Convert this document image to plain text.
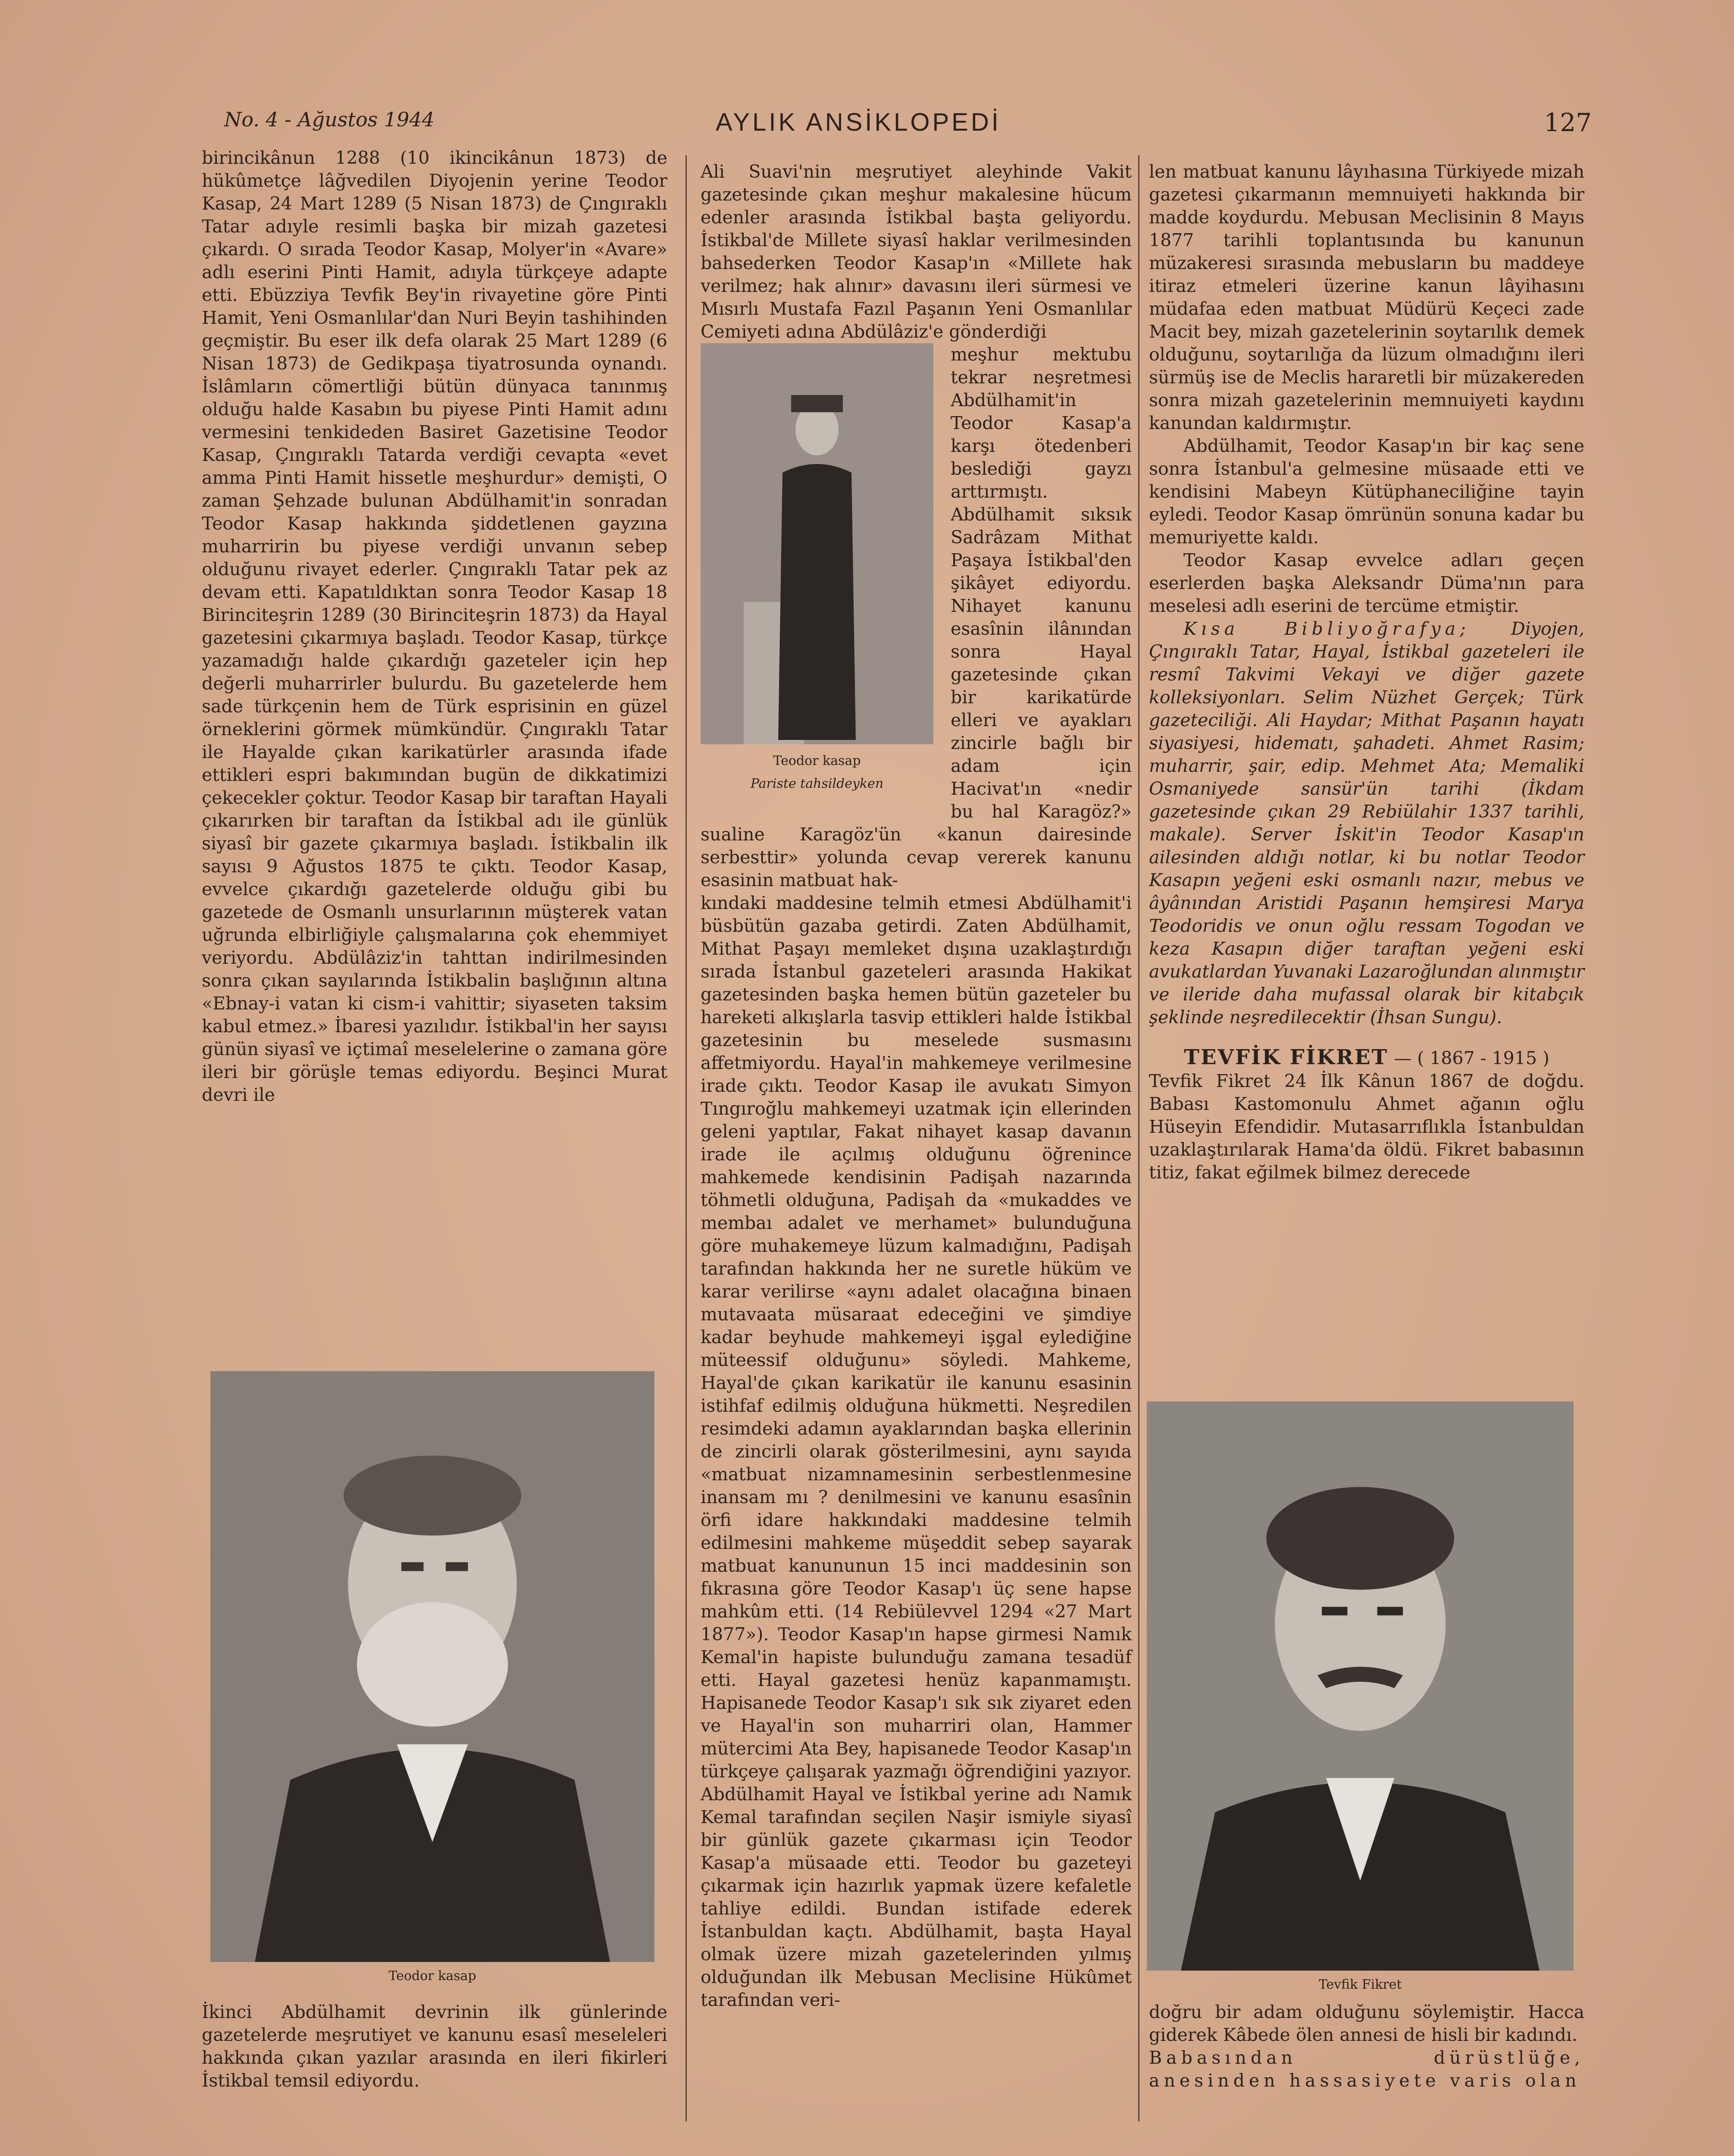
No. 4 - Ağustos 1944	AYLIK ANSİKLOPEDİ	127

birincikânun 1288 (10 ikincikânun 1873) de hükûmetçe lâğvedilen Diyojenin yerine Teodor Kasap, 24 Mart 1289 (5 Nisan 1873) de Çıngıraklı Tatar adıyle resimli başka bir mizah gazetesi çıkardı. O sırada Teodor Kasap, Molyer'in «Avare» adlı eserini Pinti Hamit, adıyla türkçeye adapte etti. Ebüzziya Tevfik Bey'in rivayetine göre Pinti Hamit, Yeni Osmanlılar'dan Nuri Beyin tashihinden geçmiştir. Bu eser ilk defa olarak 25 Mart 1289 (6 Nisan 1873) de Gedikpaşa tiyatrosunda oynandı. İslâmların cömertliği bütün dünyaca tanınmış olduğu halde Kasabın bu piyese Pinti Hamit adını vermesini tenkideden Basiret Gazetisine Teodor Kasap, Çıngıraklı Tatarda verdiği cevapta «evet amma Pinti Hamit hissetle meşhurdur» demişti, O zaman Şehzade bulunan Abdülhamit'in sonradan Teodor Kasap hakkında şiddetlenen gayzına muharririn bu piyese verdiği unvanın sebep olduğunu rivayet ederler. Çıngıraklı Tatar pek az devam etti. Kapatıldıktan sonra Teodor Kasap 18 Birinciteşrin 1289 (30 Birinciteşrin 1873) da Hayal gazetesini çıkarmıya başladı. Teodor Kasap, türkçe yazamadığı halde çıkardığı gazeteler için hep değerli muharrirler bulurdu. Bu gazetelerde hem sade türkçenin hem de Türk esprisinin en güzel örneklerini görmek mümkündür. Çıngıraklı Tatar ile Hayalde çıkan karikatürler arasında ifade ettikleri espri bakımından bugün de dikkatimizi çekecekler çoktur. Teodor Kasap bir taraftan Hayali çıkarırken bir taraftan da İstikbal adı ile günlük siyasî bir gazete çıkarmıya başladı. İstikbalin ilk sayısı 9 Ağustos 1875 te çıktı. Teodor Kasap, evvelce çıkardığı gazetelerde olduğu gibi bu gazetede de Osmanlı unsurlarının müşterek vatan uğrunda elbirliğiyle çalışmalarına çok ehemmiyet veriyordu. Abdülâziz'in tahttan indirilmesinden sonra çıkan sayılarında İstikbalin başlığının altına «Ebnay-i vatan ki cism-i vahittir; siyaseten taksim kabul etmez.» İbaresi yazılıdır. İstikbal'in her sayısı günün siyasî ve içtimaî meselelerine o zamana göre ileri bir görüşle temas ediyordu. Beşinci Murat devri ile

Teodor kasap

İkinci Abdülhamit devrinin ilk günlerinde gazetelerde meşrutiyet ve kanunu esasî meseleleri hakkında çıkan yazılar arasında en ileri fikirleri İstikbal temsil ediyordu.

Ali Suavi'nin meşrutiyet aleyhinde Vakit gazetesinde çıkan meşhur makalesine hücum edenler arasında İstikbal başta geliyordu. İstikbal'de Millete siyasî haklar verilmesinden bahsederken Teodor Kasap'ın «Millete hak verilmez; hak alınır» davasını ileri sürmesi ve Mısırlı Mustafa Fazıl Paşanın Yeni Osmanlılar Cemiyeti adına Abdülâziz'e gönderdiği

Teodor kasap
Pariste tahsildeyken

meşhur mektubu tekrar neşretmesi Abdülhamit'in Teodor Kasap'a karşı ötedenberi beslediği gayzı arttırmıştı. Abdülhamit sıksık Sadrâzam Mithat Paşaya İstikbal'den şikâyet ediyordu. Nihayet kanunu esasînin ilânından sonra Hayal gazetesinde çıkan bir karikatürde elleri ve ayakları zincirle bağlı bir adam için Hacivat'ın «nedir bu hal Karagöz?» sualine Karagöz'ün «kanun dairesinde serbesttir» yolunda cevap vererek kanunu esasinin matbuat hak-

kındaki maddesine telmih etmesi Abdülhamit'i büsbütün gazaba getirdi. Zaten Abdülhamit, Mithat Paşayı memleket dışına uzaklaştırdığı sırada İstanbul gazeteleri arasında Hakikat gazetesinden başka hemen bütün gazeteler bu hareketi alkışlarla tasvip ettikleri halde İstikbal gazetesinin bu meselede susmasını affetmiyordu. Hayal'in mahkemeye verilmesine irade çıktı. Teodor Kasap ile avukatı Simyon Tıngıroğlu mahkemeyi uzatmak için ellerinden geleni yaptılar, Fakat nihayet kasap davanın irade ile açılmış olduğunu öğrenince mahkemede kendisinin Padişah nazarında töhmetli olduğuna, Padişah da «mukaddes ve membaı adalet ve merhamet» bulunduğuna göre muhakemeye lüzum kalmadığını, Padişah tarafından hakkında her ne suretle hüküm ve karar verilirse «aynı adalet olacağına binaen mutavaata müsaraat edeceğini ve şimdiye kadar beyhude mahkemeyi işgal eylediğine müteessif olduğunu» söyledi. Mahkeme, Hayal'de çıkan karikatür ile kanunu esasinin istihfaf edilmiş olduğuna hükmetti. Neşredilen resimdeki adamın ayaklarından başka ellerinin de zincirli olarak gösterilmesini, aynı sayıda «matbuat nizamnamesinin serbestlenmesine inansam mı ? denilmesini ve kanunu esasînin örfi idare hakkındaki maddesine telmih edilmesini mahkeme müşeddit sebep sayarak matbuat kanununun 15 inci maddesinin son fıkrasına göre Teodor Kasap'ı üç sene hapse mahkûm etti. (14 Rebiülevvel 1294 «27 Mart 1877»). Teodor Kasap'ın hapse girmesi Namık Kemal'in hapiste bulunduğu zamana tesadüf etti. Hayal gazetesi henüz kapanmamıştı. Hapisanede Teodor Kasap'ı sık sık ziyaret eden ve Hayal'in son muharriri olan, Hammer mütercimi Ata Bey, hapisanede Teodor Kasap'ın türkçeye çalışarak yazmağı öğrendiğini yazıyor. Abdülhamit Hayal ve İstikbal yerine adı Namık Kemal tarafından seçilen Naşir ismiyle siyasî bir günlük gazete çıkarması için Teodor Kasap'a müsaade etti. Teodor bu gazeteyi çıkarmak için hazırlık yapmak üzere kefaletle tahliye edildi. Bundan istifade ederek İstanbuldan kaçtı. Abdülhamit, başta Hayal olmak üzere mizah gazetelerinden yılmış olduğundan ilk Mebusan Meclisine Hükûmet tarafından veri-

len matbuat kanunu lâyıhasına Türkiyede mizah gazetesi çıkarmanın memnuiyeti hakkında bir madde koydurdu. Mebusan Meclisinin 8 Mayıs 1877 tarihli toplantısında bu kanunun müzakeresi sırasında mebusların bu maddeye itiraz etmeleri üzerine kanun lâyihasını müdafaa eden matbuat Müdürü Keçeci zade Macit bey, mizah gazetelerinin soytarılık demek olduğunu, soytarılığa da lüzum olmadığını ileri sürmüş ise de Meclis hararetli bir müzakereden sonra mizah gazetelerinin memnuiyeti kaydını kanundan kaldırmıştır.

Abdülhamit, Teodor Kasap'ın bir kaç sene sonra İstanbul'a gelmesine müsaade etti ve kendisini Mabeyn Kütüphaneciliğine tayin eyledi. Teodor Kasap ömrünün sonuna kadar bu memuriyette kaldı.

Teodor Kasap evvelce adları geçen eserlerden başka Aleksandr Düma'nın para meselesi adlı eserini de tercüme etmiştir.

Kısa Bibliyoğrafya; Diyojen, Çıngıraklı Tatar, Hayal, İstikbal gazeteleri ile resmî Takvimi Vekayi ve diğer gazete kolleksiyonları. Selim Nüzhet Gerçek; Türk gazeteciliği. Ali Haydar; Mithat Paşanın hayatı siyasiyesi, hidematı, şahadeti. Ahmet Rasim; muharrir, şair, edip. Mehmet Ata; Memaliki Osmaniyede sansür'ün tarihi (İkdam gazetesinde çıkan 29 Rebiülahir 1337 tarihli, makale). Server İskit'in Teodor Kasap'ın ailesinden aldığı notlar, ki bu notlar Teodor Kasapın yeğeni eski osmanlı nazır, mebus ve âyânından Aristidi Paşanın hemşiresi Marya Teodoridis ve onun oğlu ressam Togodan ve keza Kasapın diğer taraftan yeğeni eski avukatlardan Yuvanaki Lazaroğlundan alınmıştır ve ileride daha mufassal olarak bir kitabçık şeklinde neşredilecektir (İhsan Sungu).

TEVFİK FİKRET — ( 1867 - 1915 )

Tevfik Fikret 24 İlk Kânun 1867 de doğdu. Babası Kastomonulu Ahmet ağanın oğlu Hüseyin Efendidir. Mutasarrıflıkla İstanbuldan uzaklaştırılarak Hama'da öldü. Fikret babasının titiz, fakat eğilmek bilmez derecede

Tevfik Fikret

doğru bir adam olduğunu söylemiştir. Hacca giderek Kâbede ölen annesi de hisli bir kadındı.

Babasından dürüstlüğe, anesinden hassasiyete varis olan
